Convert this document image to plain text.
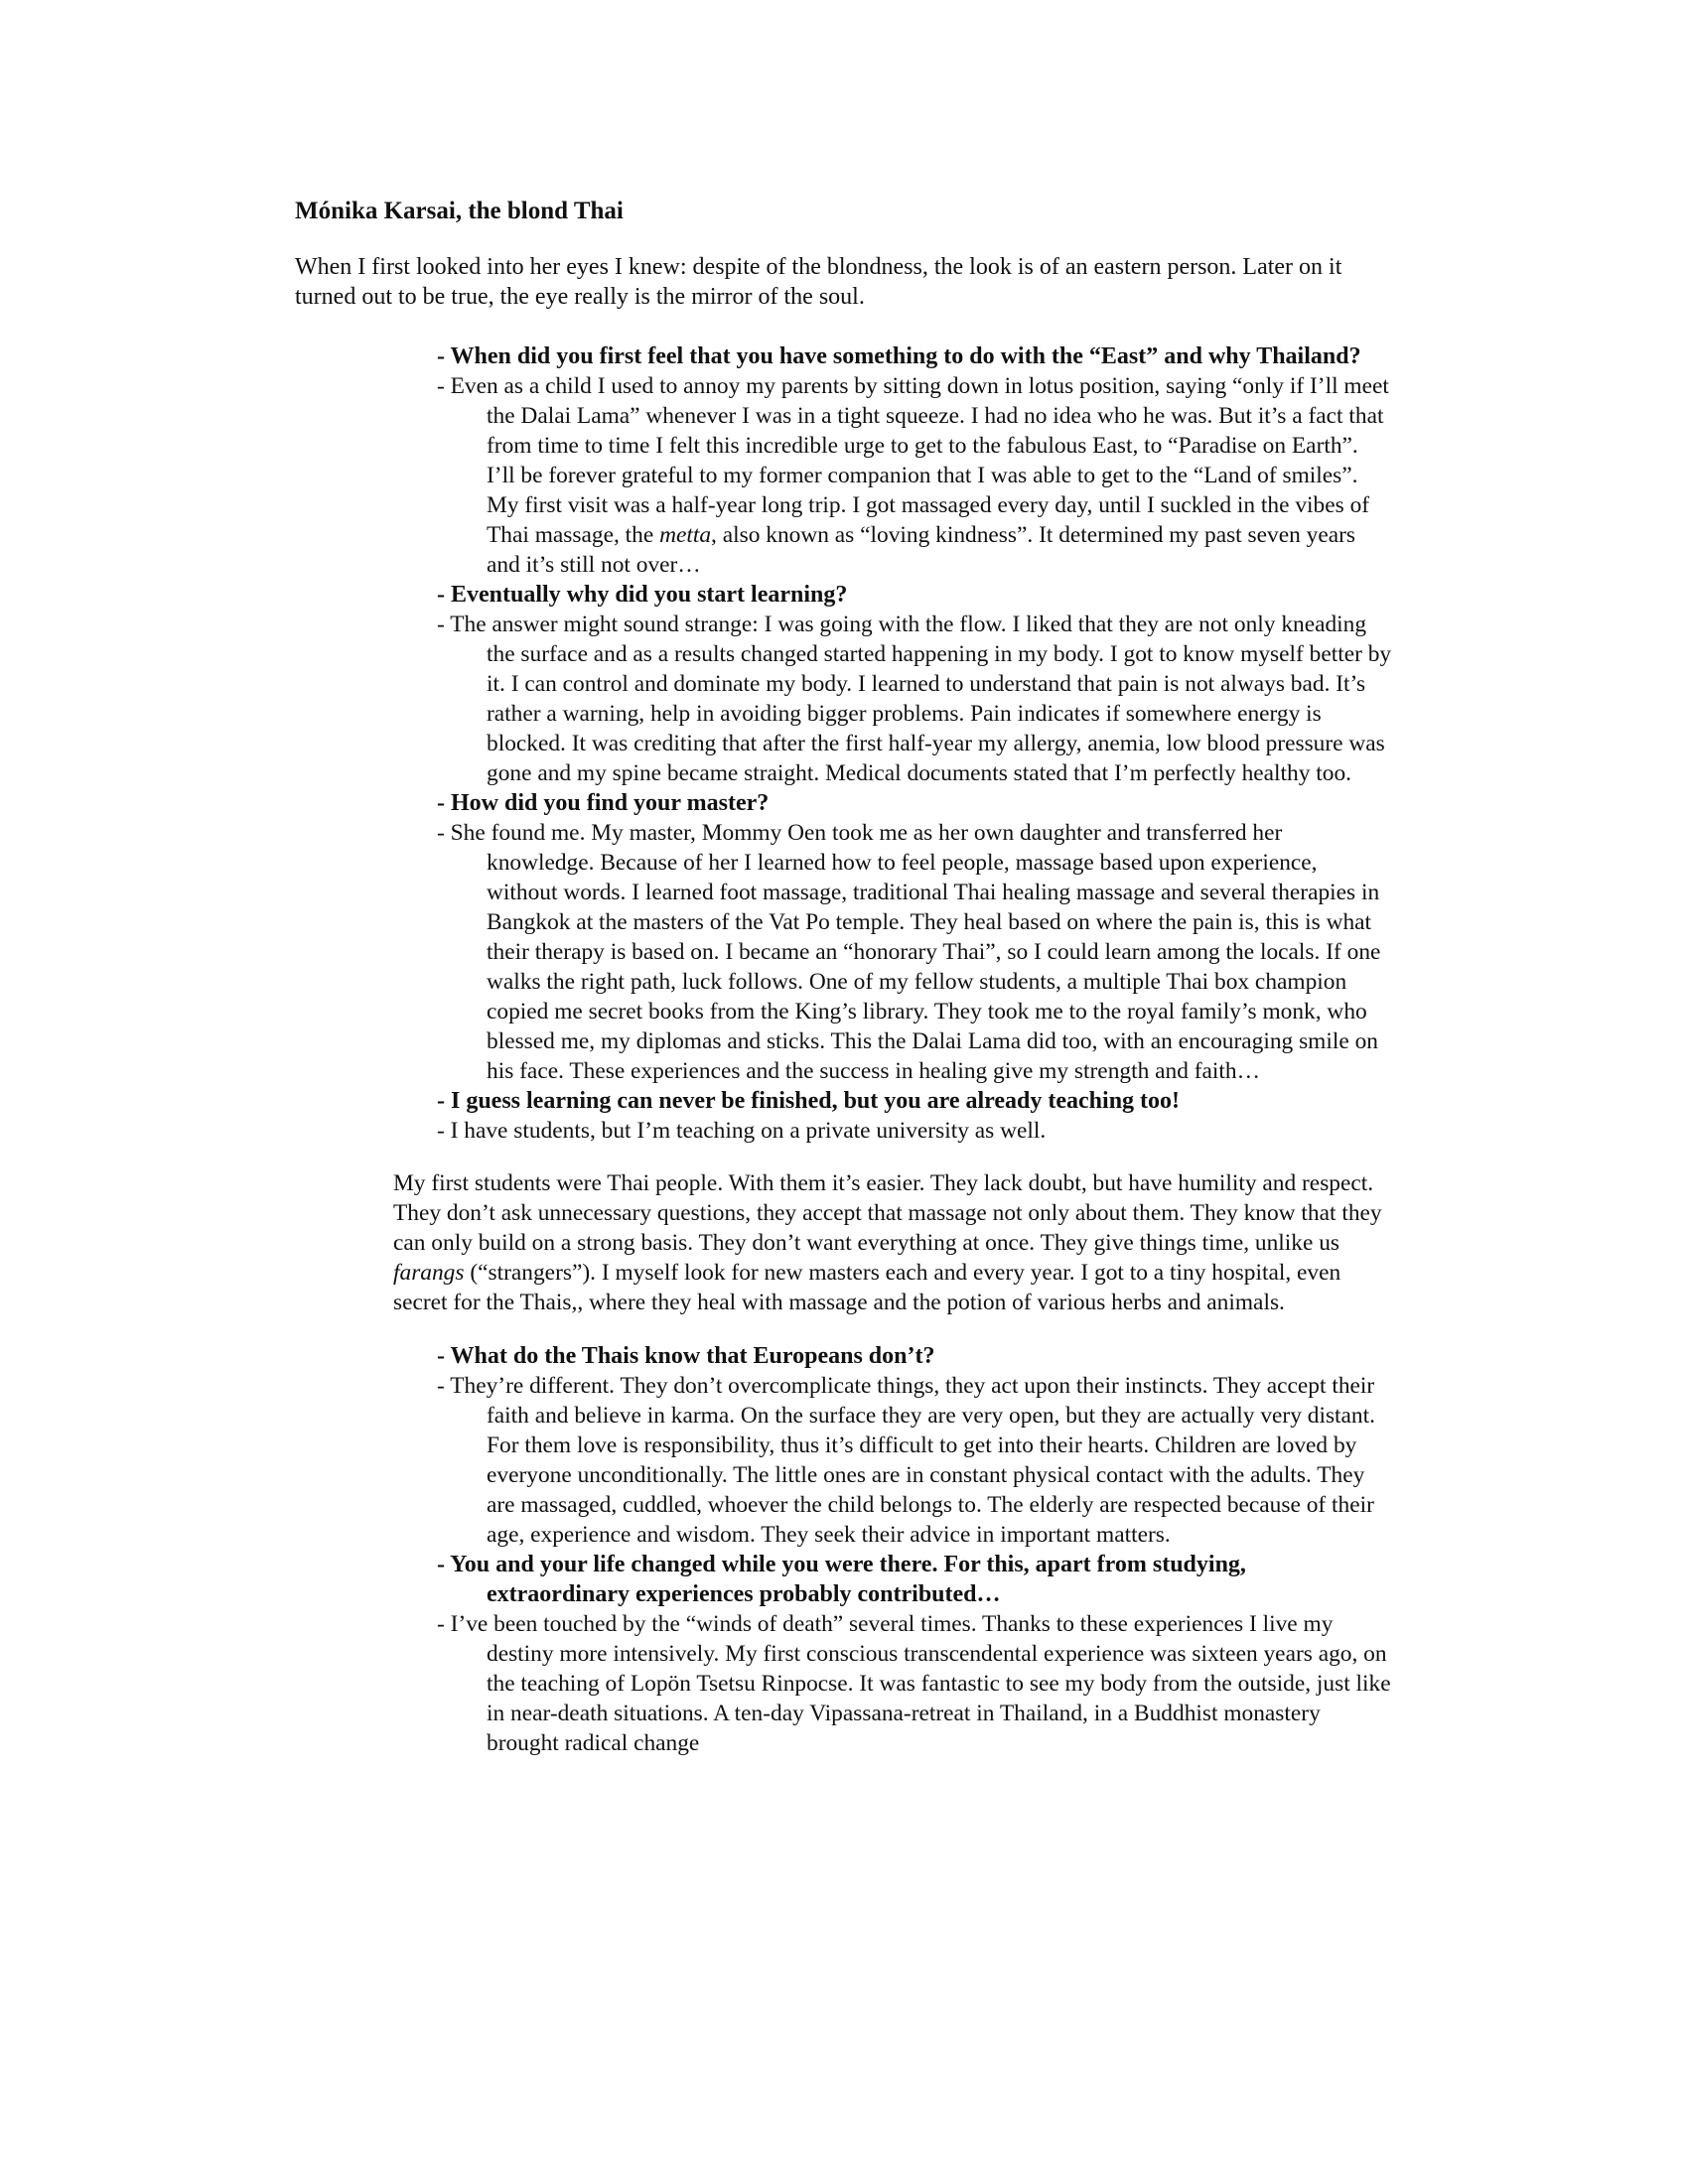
Mónika Karsai, the blond Thai
When I first looked into her eyes I knew: despite of the blondness, the look is of an eastern person. Later on it turned out to be true, the eye really is the mirror of the soul.

- When did you first feel that you have something to do with the “East” and why Thailand?

- Even as a child I used to annoy my parents by sitting down in lotus position, saying “only if I’ll meet the Dalai Lama” whenever I was in a tight squeeze. I had no idea who he was. But it’s a fact that from time to time I felt this incredible urge to get to the fabulous East, to “Paradise on Earth”. I’ll be forever grateful to my former companion that I was able to get to the “Land of smiles”. My first visit was a half-year long trip. I got massaged every day, until I suckled in the vibes of Thai massage, the metta, also known as “loving kindness”. It determined my past seven years and it’s still not over…

- Eventually why did you start learning?

- The answer might sound strange: I was going with the flow. I liked that they are not only kneading the surface and as a results changed started happening in my body. I got to know myself better by it. I can control and dominate my body. I learned to understand that pain is not always bad. It’s rather a warning, help in avoiding bigger problems. Pain indicates if somewhere energy is blocked. It was crediting that after the first half-year my allergy, anemia, low blood pressure was gone and my spine became straight. Medical documents stated that I’m perfectly healthy too.

- How did you find your master?

- She found me. My master, Mommy Oen took me as her own daughter and transferred her knowledge. Because of her I learned how to feel people, massage based upon experience, without words. I learned foot massage, traditional Thai healing massage and several therapies in Bangkok at the masters of the Vat Po temple. They heal based on where the pain is, this is what their therapy is based on. I became an “honorary Thai”, so I could learn among the locals. If one walks the right path, luck follows. One of my fellow students, a multiple Thai box champion copied me secret books from the King’s library. They took me to the royal family’s monk, who blessed me, my diplomas and sticks. This the Dalai Lama did too, with an encouraging smile on his face. These experiences and the success in healing give my strength and faith…

- I guess learning can never be finished, but you are already teaching too!

- I have students, but I’m teaching on a private university as well.

My first students were Thai people. With them it’s easier. They lack doubt, but have humility and respect. They don’t ask unnecessary questions, they accept that massage not only about them. They know that they can only build on a strong basis. They don’t want everything at once. They give things time, unlike us farangs (“strangers”). I myself look for new masters each and every year. I got to a tiny hospital, even secret for the Thais,, where they heal with massage and the potion of various herbs and animals.

- What do the Thais know that Europeans don’t?

- They’re different. They don’t overcomplicate things, they act upon their instincts. They accept their faith and believe in karma. On the surface they are very open, but they are actually very distant. For them love is responsibility, thus it’s difficult to get into their hearts. Children are loved by everyone unconditionally. The little ones are in constant physical contact with the adults. They are massaged, cuddled, whoever the child belongs to. The elderly are respected because of their age, experience and wisdom. They seek their advice in important matters.

- You and your life changed while you were there. For this, apart from studying, extraordinary experiences probably contributed…

- I’ve been touched by the “winds of death” several times. Thanks to these experiences I live my destiny more intensively. My first conscious transcendental experience was sixteen years ago, on the teaching of Lopön Tsetsu Rinpocse. It was fantastic to see my body from the outside, just like in near-death situations. A ten-day Vipassana-retreat in Thailand, in a Buddhist monastery brought radical change
